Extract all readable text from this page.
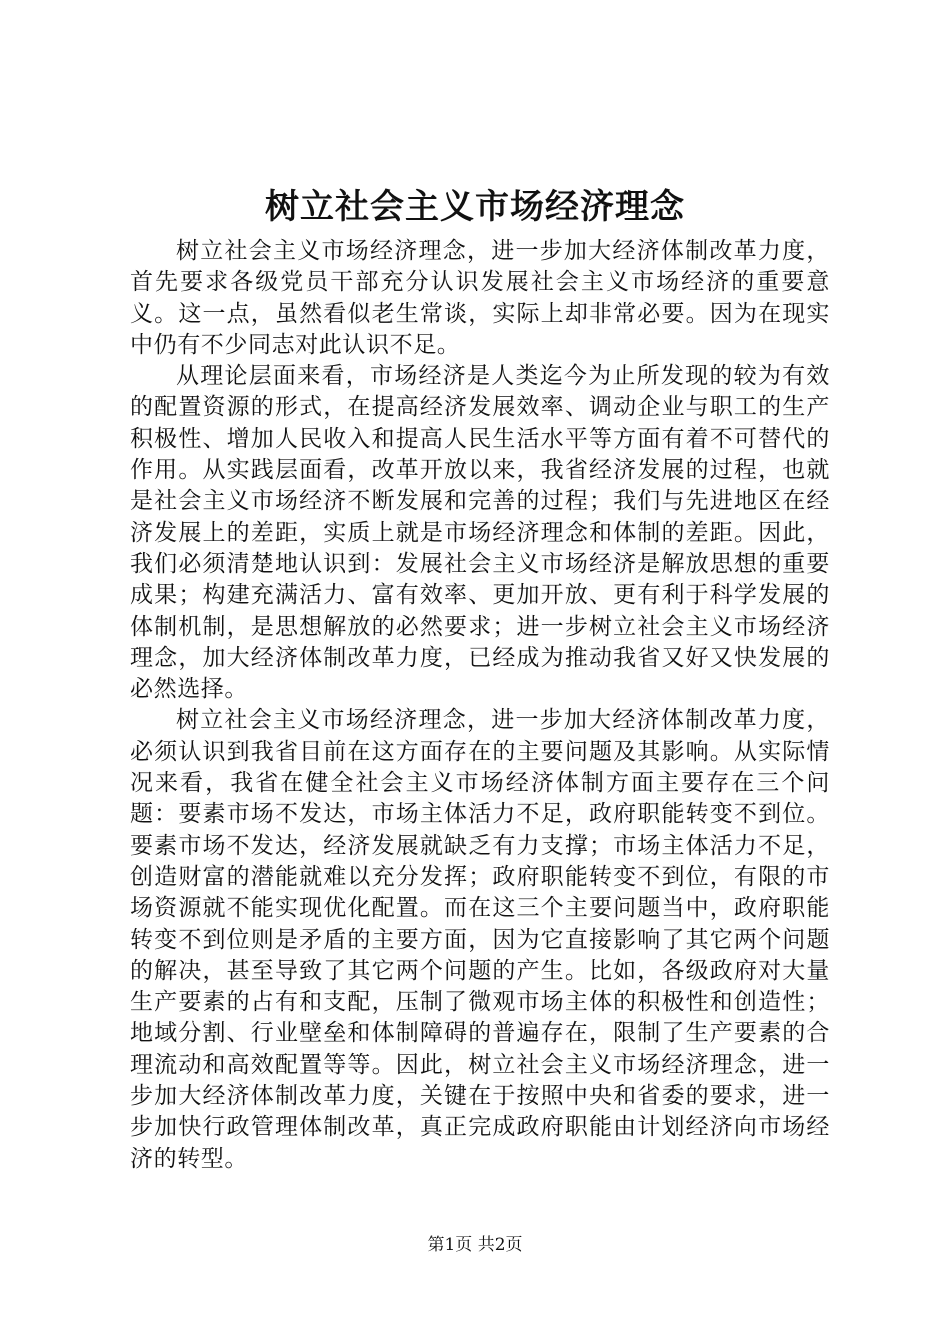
树立社会主义市场经济理念

树立社会主义市场经济理念，进一步加大经济体制改革力度，首先要求各级党员干部充分认识发展社会主义市场经济的重要意义。这一点，虽然看似老生常谈，实际上却非常必要。因为在现实中仍有不少同志对此认识不足。

从理论层面来看，市场经济是人类迄今为止所发现的较为有效的配置资源的形式，在提高经济发展效率、调动企业与职工的生产积极性、增加人民收入和提高人民生活水平等方面有着不可替代的作用。从实践层面看，改革开放以来，我省经济发展的过程，也就是社会主义市场经济不断发展和完善的过程；我们与先进地区在经济发展上的差距，实质上就是市场经济理念和体制的差距。因此，我们必须清楚地认识到：发展社会主义市场经济是解放思想的重要成果；构建充满活力、富有效率、更加开放、更有利于科学发展的体制机制，是思想解放的必然要求；进一步树立社会主义市场经济理念，加大经济体制改革力度，已经成为推动我省又好又快发展的必然选择。

树立社会主义市场经济理念，进一步加大经济体制改革力度，必须认识到我省目前在这方面存在的主要问题及其影响。从实际情况来看，我省在健全社会主义市场经济体制方面主要存在三个问题：要素市场不发达，市场主体活力不足，政府职能转变不到位。要素市场不发达，经济发展就缺乏有力支撑；市场主体活力不足，创造财富的潜能就难以充分发挥；政府职能转变不到位，有限的市场资源就不能实现优化配置。而在这三个主要问题当中，政府职能转变不到位则是矛盾的主要方面，因为它直接影响了其它两个问题的解决，甚至导致了其它两个问题的产生。比如，各级政府对大量生产要素的占有和支配，压制了微观市场主体的积极性和创造性；地域分割、行业壁垒和体制障碍的普遍存在，限制了生产要素的合理流动和高效配置等等。因此，树立社会主义市场经济理念，进一步加大经济体制改革力度，关键在于按照中央和省委的要求，进一步加快行政管理体制改革，真正完成政府职能由计划经济向市场经济的转型。

第1页 共2页
